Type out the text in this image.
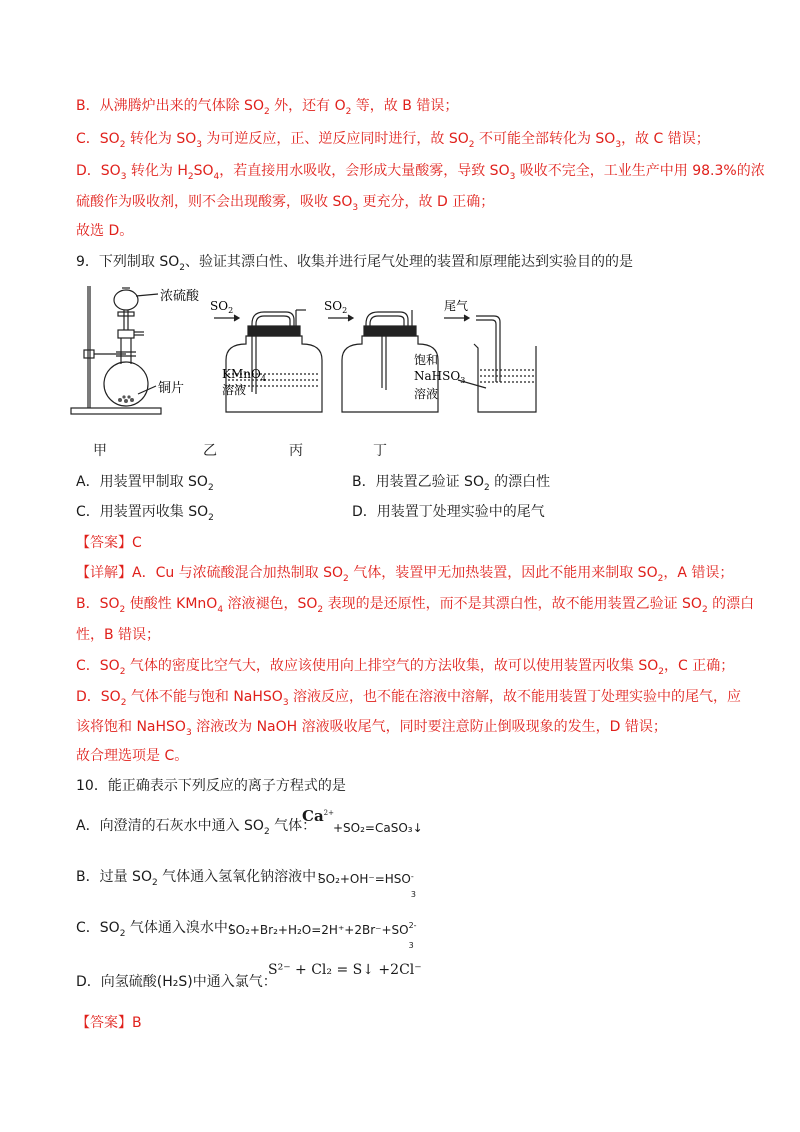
B．从沸腾炉出来的气体除 $SO_2$ 外，还有 $O_2$ 等，故 B 错误；
C．$SO_2$ 转化为 $SO_3$ 为可逆反应，正、逆反应同时进行，故 $SO_2$ 不可能全部转化为 $SO_3$，故 C 错误；
D．$SO_3$ 转化为 $H_2SO_4$，若直接用水吸收，会形成大量酸雾，导致 $SO_3$ 吸收不完全，工业生产中用 98.3%的浓
硫酸作为吸收剂，则不会出现酸雾，吸收 $SO_3$ 更充分，故 D 正确；
故选 D。
9．下列制取 $SO_2$、验证其漂白性、收集并进行尾气处理的装置和原理能达到实验目的的是
浓硫酸
铜片
$SO_2$
KMnO$_4$
溶液
$SO_2$	尾气
饱和
NaHSO$_3$
溶液
甲	乙	丙	丁
A．用装置甲制取 $SO_2$	B．用装置乙验证 $SO_2$ 的漂白性
C．用装置丙收集 $SO_2$	D．用装置丁处理实验中的尾气
【答案】C
【详解】A．Cu 与浓硫酸混合加热制取 $SO_2$ 气体，装置甲无加热装置，因此不能用来制取 $SO_2$，A 错误；
B．$SO_2$ 使酸性 KMnO$_4$ 溶液褪色，$SO_2$ 表现的是还原性，而不是其漂白性，故不能用装置乙验证 $SO_2$ 的漂白
性，B 错误；
C．$SO_2$ 气体的密度比空气大，故应该使用向上排空气的方法收集，故可以使用装置丙收集 $SO_2$，C 正确；
D．$SO_2$ 气体不能与饱和 NaHSO$_3$ 溶液反应，也不能在溶液中溶解，故不能用装置丁处理实验中的尾气，应
该将饱和 NaHSO$_3$ 溶液改为 NaOH 溶液吸收尾气，同时要注意防止倒吸现象的发生，D 错误；
故合理选项是 C。
10．能正确表示下列反应的离子方程式的是
A．向澄清的石灰水中通入 $SO_2$ 气体：
$Ca^{2+}$
+SO₂=CaSO₃↓
B．过量 $SO_2$ 气体通入氢氧化钠溶液中：
SO₂+OH⁻=HSO -
3
C．$SO_2$ 气体通入溴水中：
SO₂+Br₂+H₂O=2H⁺+2Br⁻+SO 2-
3
D．向氢硫酸(H₂S)中通入氯气：
S²⁻ + Cl₂ = S↓ +2Cl⁻
【答案】B
